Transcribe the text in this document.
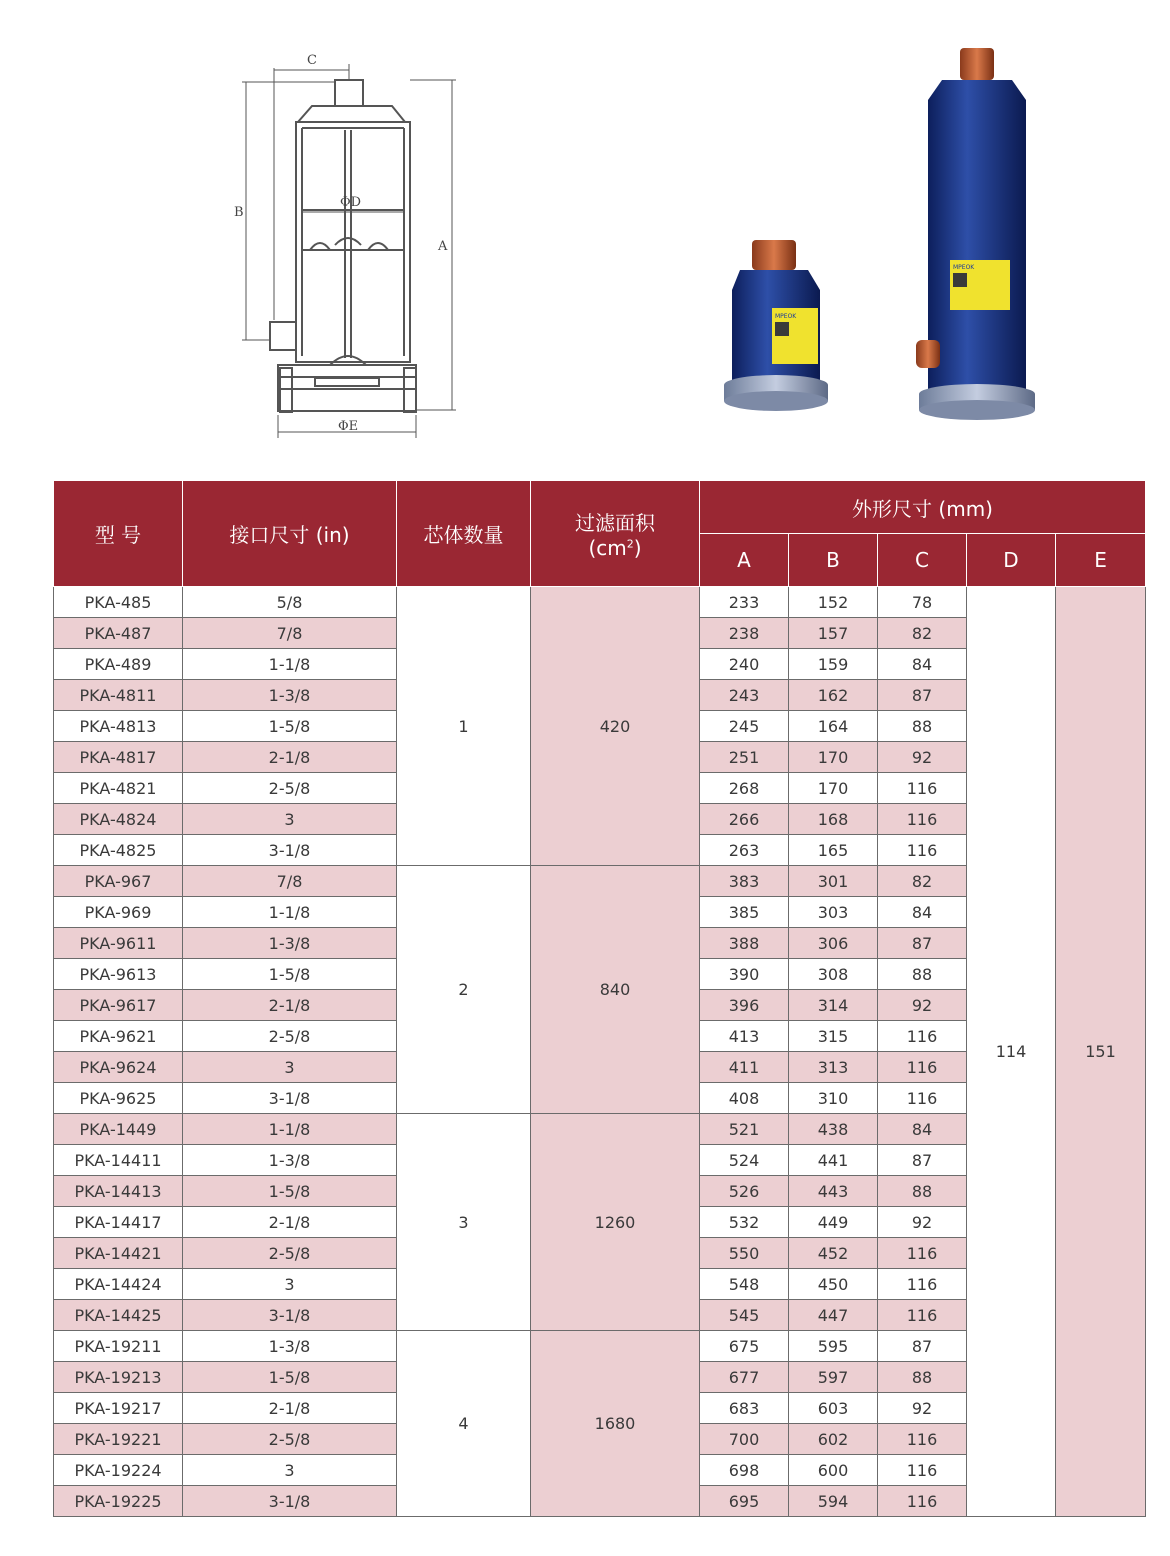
C
B
A
ΦD
ΦE
MPEOK
MPEOK
型 号	接口尺寸 (in)	芯体数量	过滤面积
$(cm^2)$	外形尺寸 (mm)				
				A	B	C	D	E
PKA-485	5/8	1	420	233	152	78	114	151
PKA-487	7/8			238	157	82		
PKA-489	1-1/8			240	159	84		
PKA-4811	1-3/8			243	162	87		
PKA-4813	1-5/8			245	164	88		
PKA-4817	2-1/8			251	170	92		
PKA-4821	2-5/8			268	170	116		
PKA-4824	3			266	168	116		
PKA-4825	3-1/8			263	165	116		
PKA-967	7/8	2	840	383	301	82		
PKA-969	1-1/8			385	303	84		
PKA-9611	1-3/8			388	306	87		
PKA-9613	1-5/8			390	308	88		
PKA-9617	2-1/8			396	314	92		
PKA-9621	2-5/8			413	315	116		
PKA-9624	3			411	313	116		
PKA-9625	3-1/8			408	310	116		
PKA-1449	1-1/8	3	1260	521	438	84		
PKA-14411	1-3/8			524	441	87		
PKA-14413	1-5/8			526	443	88		
PKA-14417	2-1/8			532	449	92		
PKA-14421	2-5/8			550	452	116		
PKA-14424	3			548	450	116		
PKA-14425	3-1/8			545	447	116		
PKA-19211	1-3/8	4	1680	675	595	87		
PKA-19213	1-5/8			677	597	88		
PKA-19217	2-1/8			683	603	92		
PKA-19221	2-5/8			700	602	116		
PKA-19224	3			698	600	116		
PKA-19225	3-1/8			695	594	116		
